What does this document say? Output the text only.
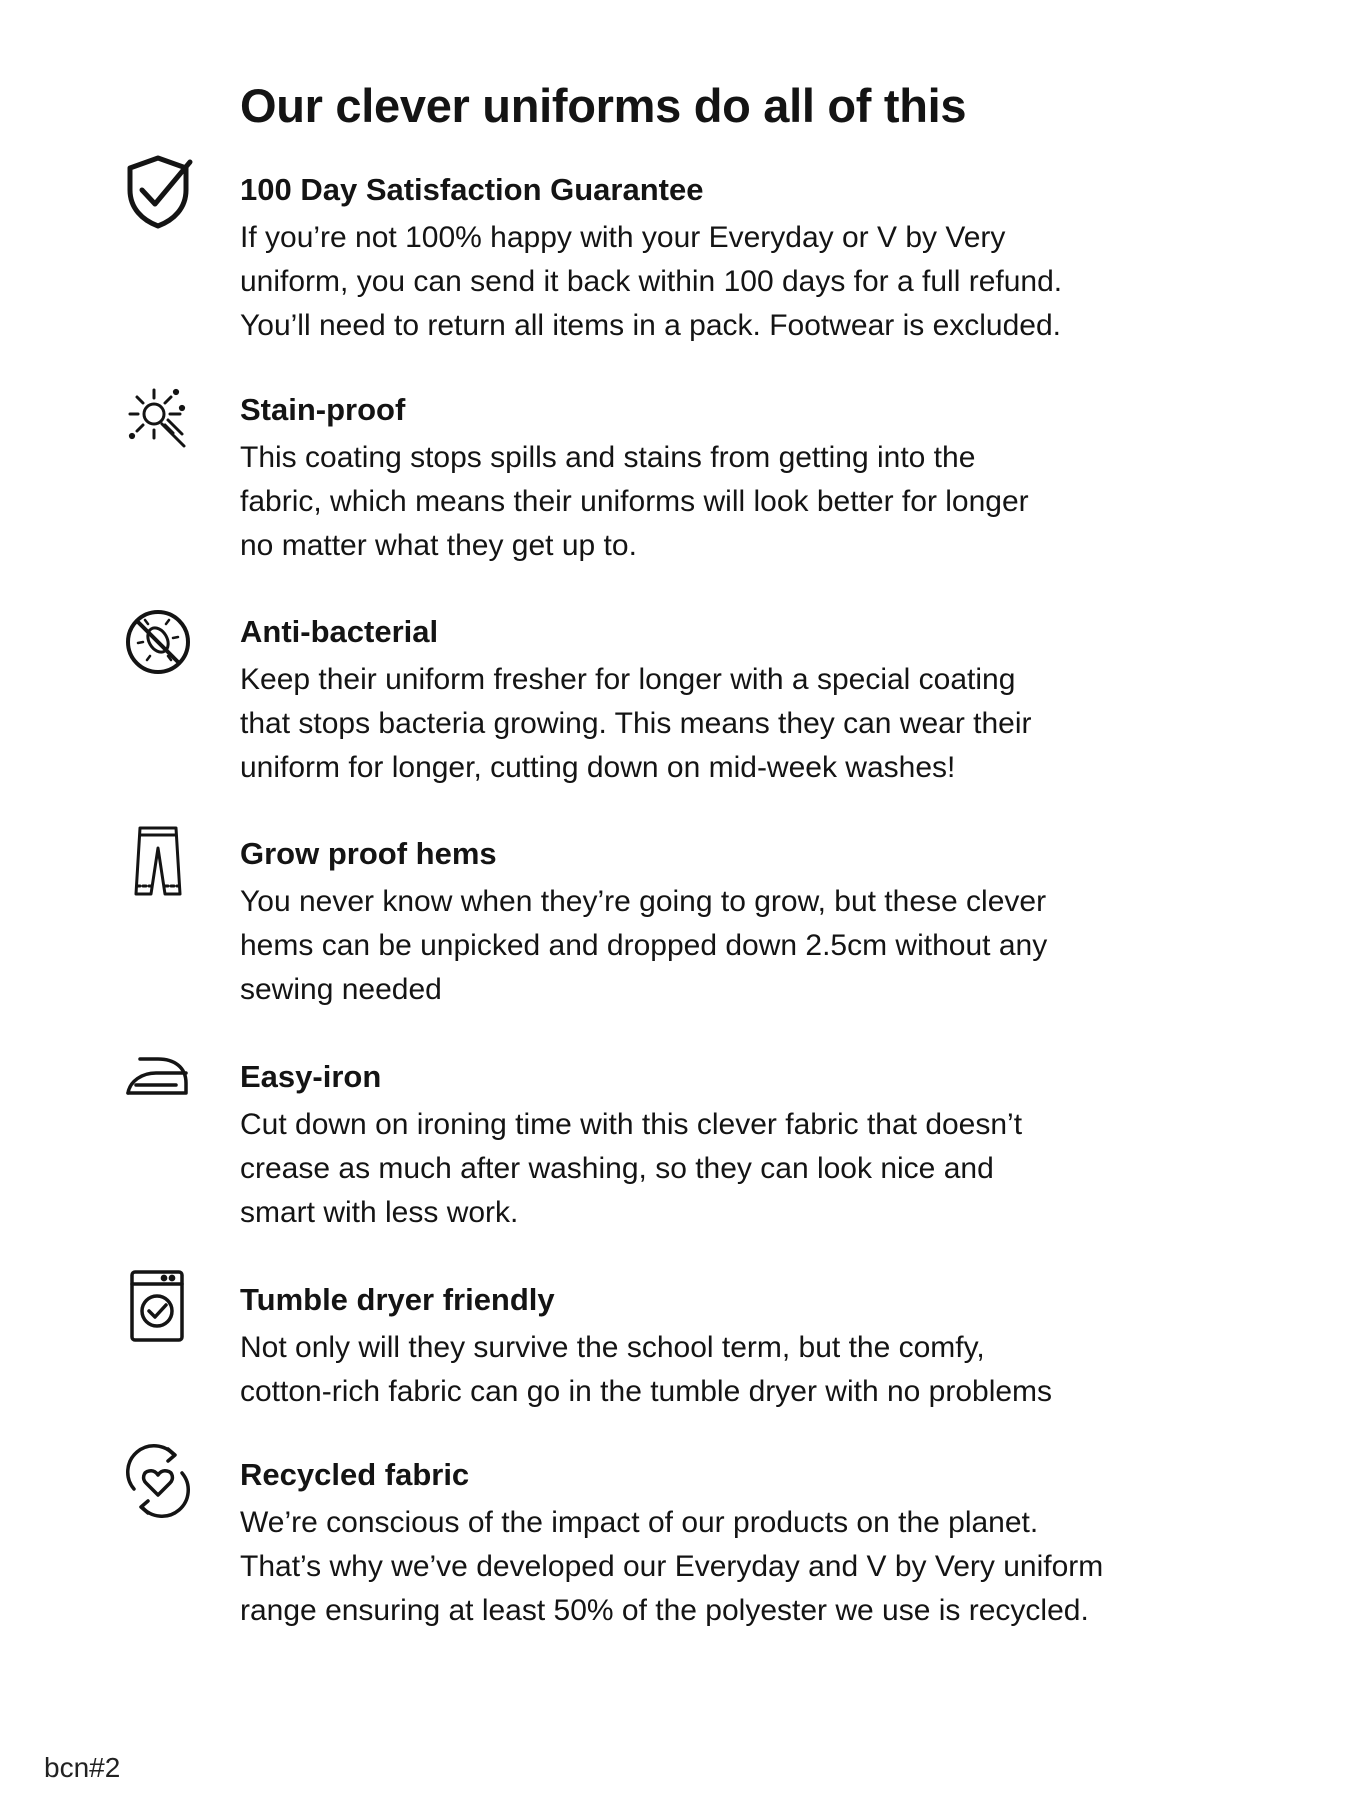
Our clever uniforms do all of this
100 Day Satisfaction Guarantee

If you’re not 100% happy with your Everyday or V by Very
uniform, you can send it back within 100 days for a full refund.
You’ll need to return all items in a pack. Footwear is excluded.

Stain-proof

This coating stops spills and stains from getting into the
fabric, which means their uniforms will look better for longer
no matter what they get up to.

Anti-bacterial

Keep their uniform fresher for longer with a special coating
that stops bacteria growing. This means they can wear their
uniform for longer, cutting down on mid-week washes!

Grow proof hems

You never know when they’re going to grow, but these clever
hems can be unpicked and dropped down 2.5cm without any
sewing needed

Easy-iron

Cut down on ironing time with this clever fabric that doesn’t
crease as much after washing, so they can look nice and
smart with less work.

Tumble dryer friendly

Not only will they survive the school term, but the comfy,
cotton-rich fabric can go in the tumble dryer with no problems

Recycled fabric

We’re conscious of the impact of our products on the planet.
That’s why we’ve developed our Everyday and V by Very uniform
range ensuring at least 50% of the polyester we use is recycled.

bcn#2
